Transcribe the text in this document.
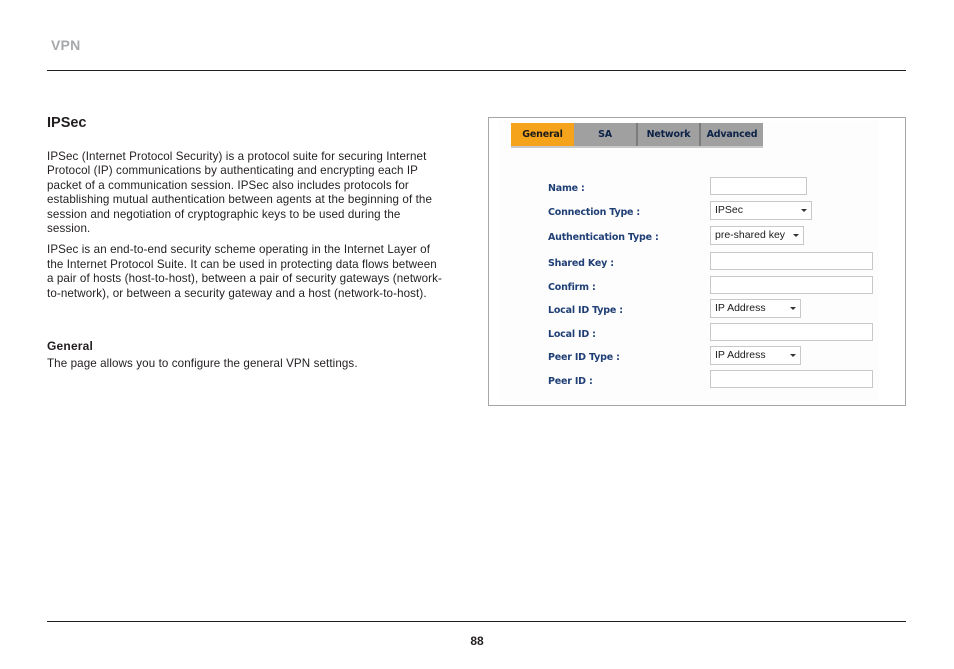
VPN
IPSec

IPSec (Internet Protocol Security) is a protocol suite for securing Internet Protocol (IP) communications by authenticating and encrypting each IP packet of a communication session. IPSec also includes protocols for establishing mutual authentication between agents at the beginning of the session and negotiation of cryptographic keys to be used during the session.

IPSec is an end-to-end security scheme operating in the Internet Layer of the Internet Protocol Suite. It can be used in protecting data flows between a pair of hosts (host-to-host), between a pair of security gateways (network-to-network), or between a security gateway and a host (network-to-host).

General

The page allows you to configure the general VPN settings.

General	SA	Network	Advanced
Name :
Connection Type :	IPSec
Authentication Type :	pre-shared key
Shared Key :
Confirm :
Local ID Type :	IP Address
Local ID :
Peer ID Type :	IP Address
Peer ID :
88
